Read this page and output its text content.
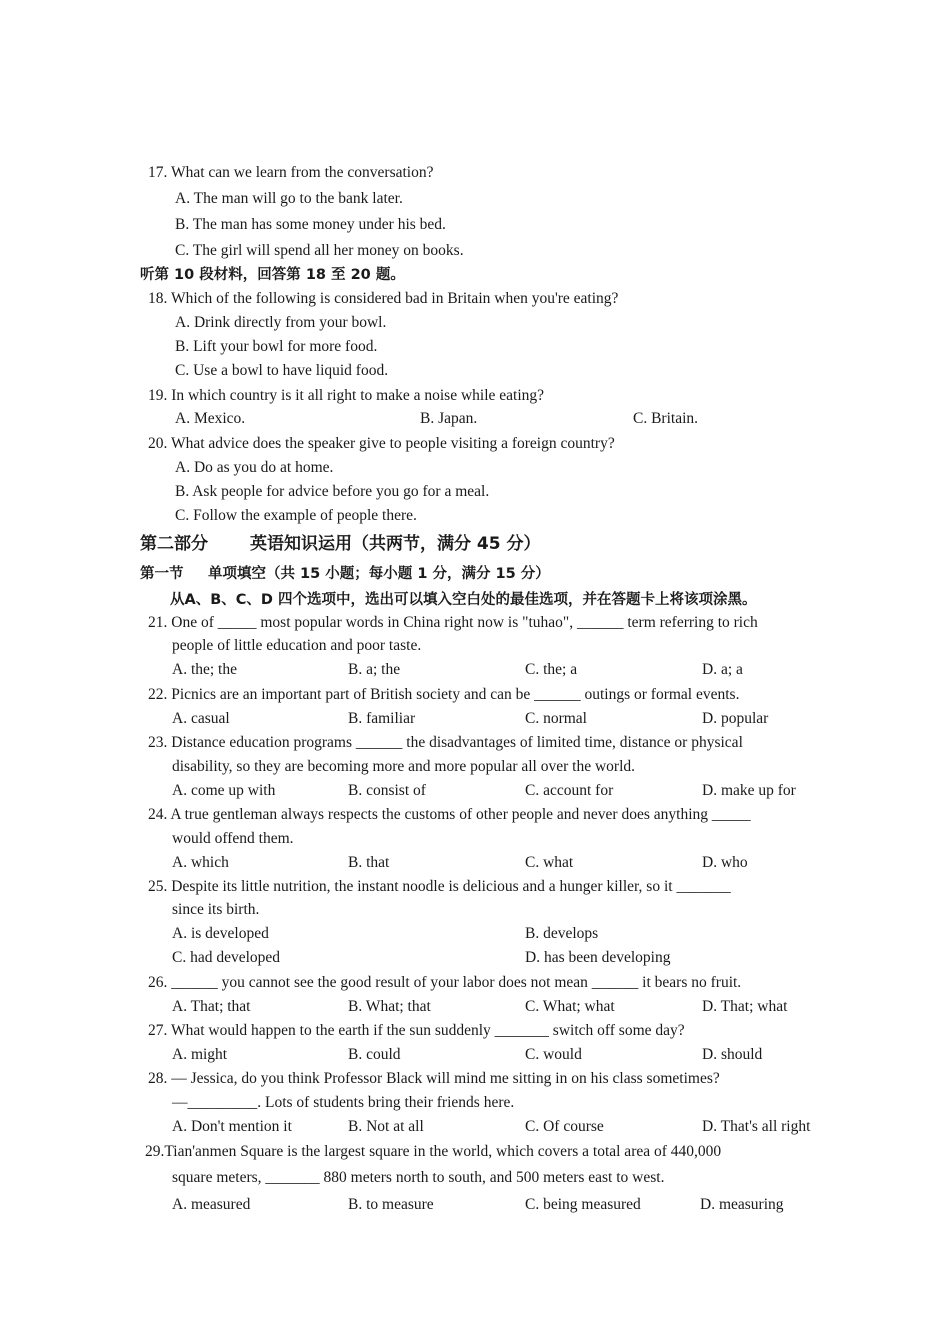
17. What can we learn from the conversation?
A. The man will go to the bank later.
B. The man has some money under his bed.
C. The girl will spend all her money on books.
听第 10 段材料，回答第 18 至 20 题。
18. Which of the following is considered bad in Britain when you're eating?
A. Drink directly from your bowl.
B. Lift your bowl for more food.
C. Use a bowl to have liquid food.
19. In which country is it all right to make a noise while eating?
A. Mexico.	B. Japan.	C. Britain.
20. What advice does the speaker give to people visiting a foreign country?
A. Do as you do at home.
B. Ask people for advice before you go for a meal.
C. Follow the example of people there.
第二部分 英语知识运用（共两节，满分 45 分）
第一节 单项填空（共 15 小题；每小题 1 分，满分 15 分）
从A、B、C、D 四个选项中，选出可以填入空白处的最佳选项，并在答题卡上将该项涂黑。
21. One of _____ most popular words in China right now is "tuhao", ______ term referring to rich
people of little education and poor taste.
A. the; the	B. a; the	C. the; a	D. a; a
22. Picnics are an important part of British society and can be ______ outings or formal events.
A. casual	B. familiar	C. normal	D. popular
23. Distance education programs ______ the disadvantages of limited time, distance or physical
disability, so they are becoming more and more popular all over the world.
A. come up with	B. consist of	C. account for	D. make up for
24. A true gentleman always respects the customs of other people and never does anything _____
would offend them.
A. which	B. that	C. what	D. who
25. Despite its little nutrition, the instant noodle is delicious and a hunger killer, so it _______
since its birth.
A. is developed	B. develops
C. had developed	D. has been developing
26. ______ you cannot see the good result of your labor does not mean ______ it bears no fruit.
A. That; that	B. What; that	C. What; what	D. That; what
27. What would happen to the earth if the sun suddenly _______ switch off some day?
A. might	B. could	C. would	D. should
28. — Jessica, do you think Professor Black will mind me sitting in on his class sometimes?
—_________. Lots of students bring their friends here.
A. Don't mention it	B. Not at all	C. Of course	D. That's all right
29.Tian'anmen Square is the largest square in the world, which covers a total area of 440,000
square meters, _______ 880 meters north to south, and 500 meters east to west.
A. measured	B. to measure	C. being measured	D. measuring
